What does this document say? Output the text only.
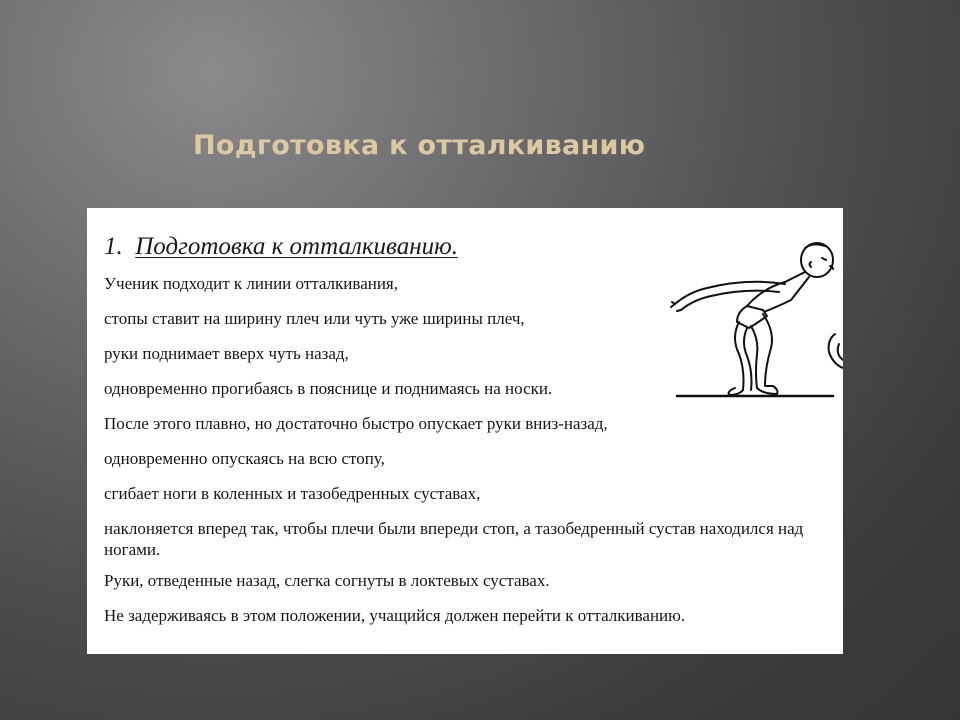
Подготовка к отталкиванию
1. Подготовка к отталкиванию.
Ученик подходит к линии отталкивания,
стопы ставит на ширину плеч или чуть уже ширины плеч,
руки поднимает вверх чуть назад,
одновременно прогибаясь в пояснице и поднимаясь на носки.
После этого плавно, но достаточно быстро опускает руки вниз-назад,
одновременно опускаясь на всю стопу,
сгибает ноги в коленных и тазобедренных суставах,
наклоняется вперед так, чтобы плечи были впереди стоп, а тазобедренный сустав находился над ногами.
Руки, отведенные назад, слегка согнуты в локтевых суставах.
Не задерживаясь в этом положении, учащийся должен перейти к отталкиванию.
